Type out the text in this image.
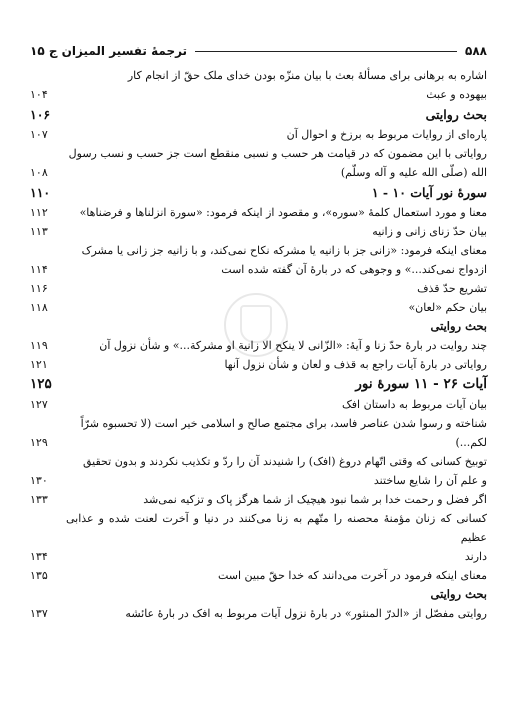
۵۸۸
ترجمهٔ تفسیر المیزان ج ۱۵
اشاره به برهانی برای مسألهٔ بعث با بیان منزّه بودن خدای ملک حقّ از انجام کار
بیهوده و عبث
۱۰۴
بحث روایتی
۱۰۶
پاره‌ای از روایات مربوط به برزخ و احوال آن
۱۰۷
روایاتی با این مضمون که در قیامت هر حسب و نسبی منقطع است جز حسب و نسب رسول
الله (صلّی الله علیه و آله وسلّم)
۱۰۸
سورهٔ نور آیات ۱۰ - ۱
۱۱۰
معنا و مورد استعمال کلمهٔ «سوره»، و مقصود از اینکه فرمود: «سورة انزلناها و فرضناها»
۱۱۲
بیان حدّ زنای زانی و زانیه
۱۱۳
معنای اینکه فرمود: «زانی جز با زانیه یا مشرکه نکاح نمی‌کند، و با زانیه جز زانی یا مشرک
ازدواج نمی‌کند...» و وجوهی که در بارهٔ آن گفته شده است
۱۱۴
تشریع حدّ قذف
۱۱۶
بیان حکم «لعان»
۱۱۸
بحث روایتی
چند روایت در بارهٔ حدّ زنا و آیهٔ: «الزّانی لا ینکح الا زانیة او مشرکة...» و شأن نزول آن
۱۱۹
روایاتی در بارهٔ آیات راجع به قذف و لعان و شأن نزول آنها
۱۲۱
آیات ۲۶ - ۱۱ سورهٔ نور
۱۲۵
بیان آیات مربوط به داستان افک
۱۲۷
شناخته و رسوا شدن عناصر فاسد، برای مجتمع صالح و اسلامی خیر است (لا تحسبوه شرّاً
لکم...)
۱۲۹
توبیخ کسانی که وقتی اتّهام دروغ (افک) را شنیدند آن را ردّ و تکذیب نکردند و بدون تحقیق
و علم آن را شایع ساختند
۱۳۰
اگر فضل و رحمت خدا بر شما نبود هیچیک از شما هرگز پاک و تزکیه نمی‌شد
۱۳۳
کسانی که زنان مؤمنهٔ محصنه را متّهم به زنا می‌کنند در دنیا و آخرت لعنت شده و عذابی عظیم
دارند
۱۳۴
معنای اینکه فرمود در آخرت می‌دانند که خدا حقّ مبین است
۱۳۵
بحث روایتی
روایتی مفصّل از «الدرّ المنثور» در بارهٔ نزول آیات مربوط به افک در بارهٔ عائشه
۱۳۷
